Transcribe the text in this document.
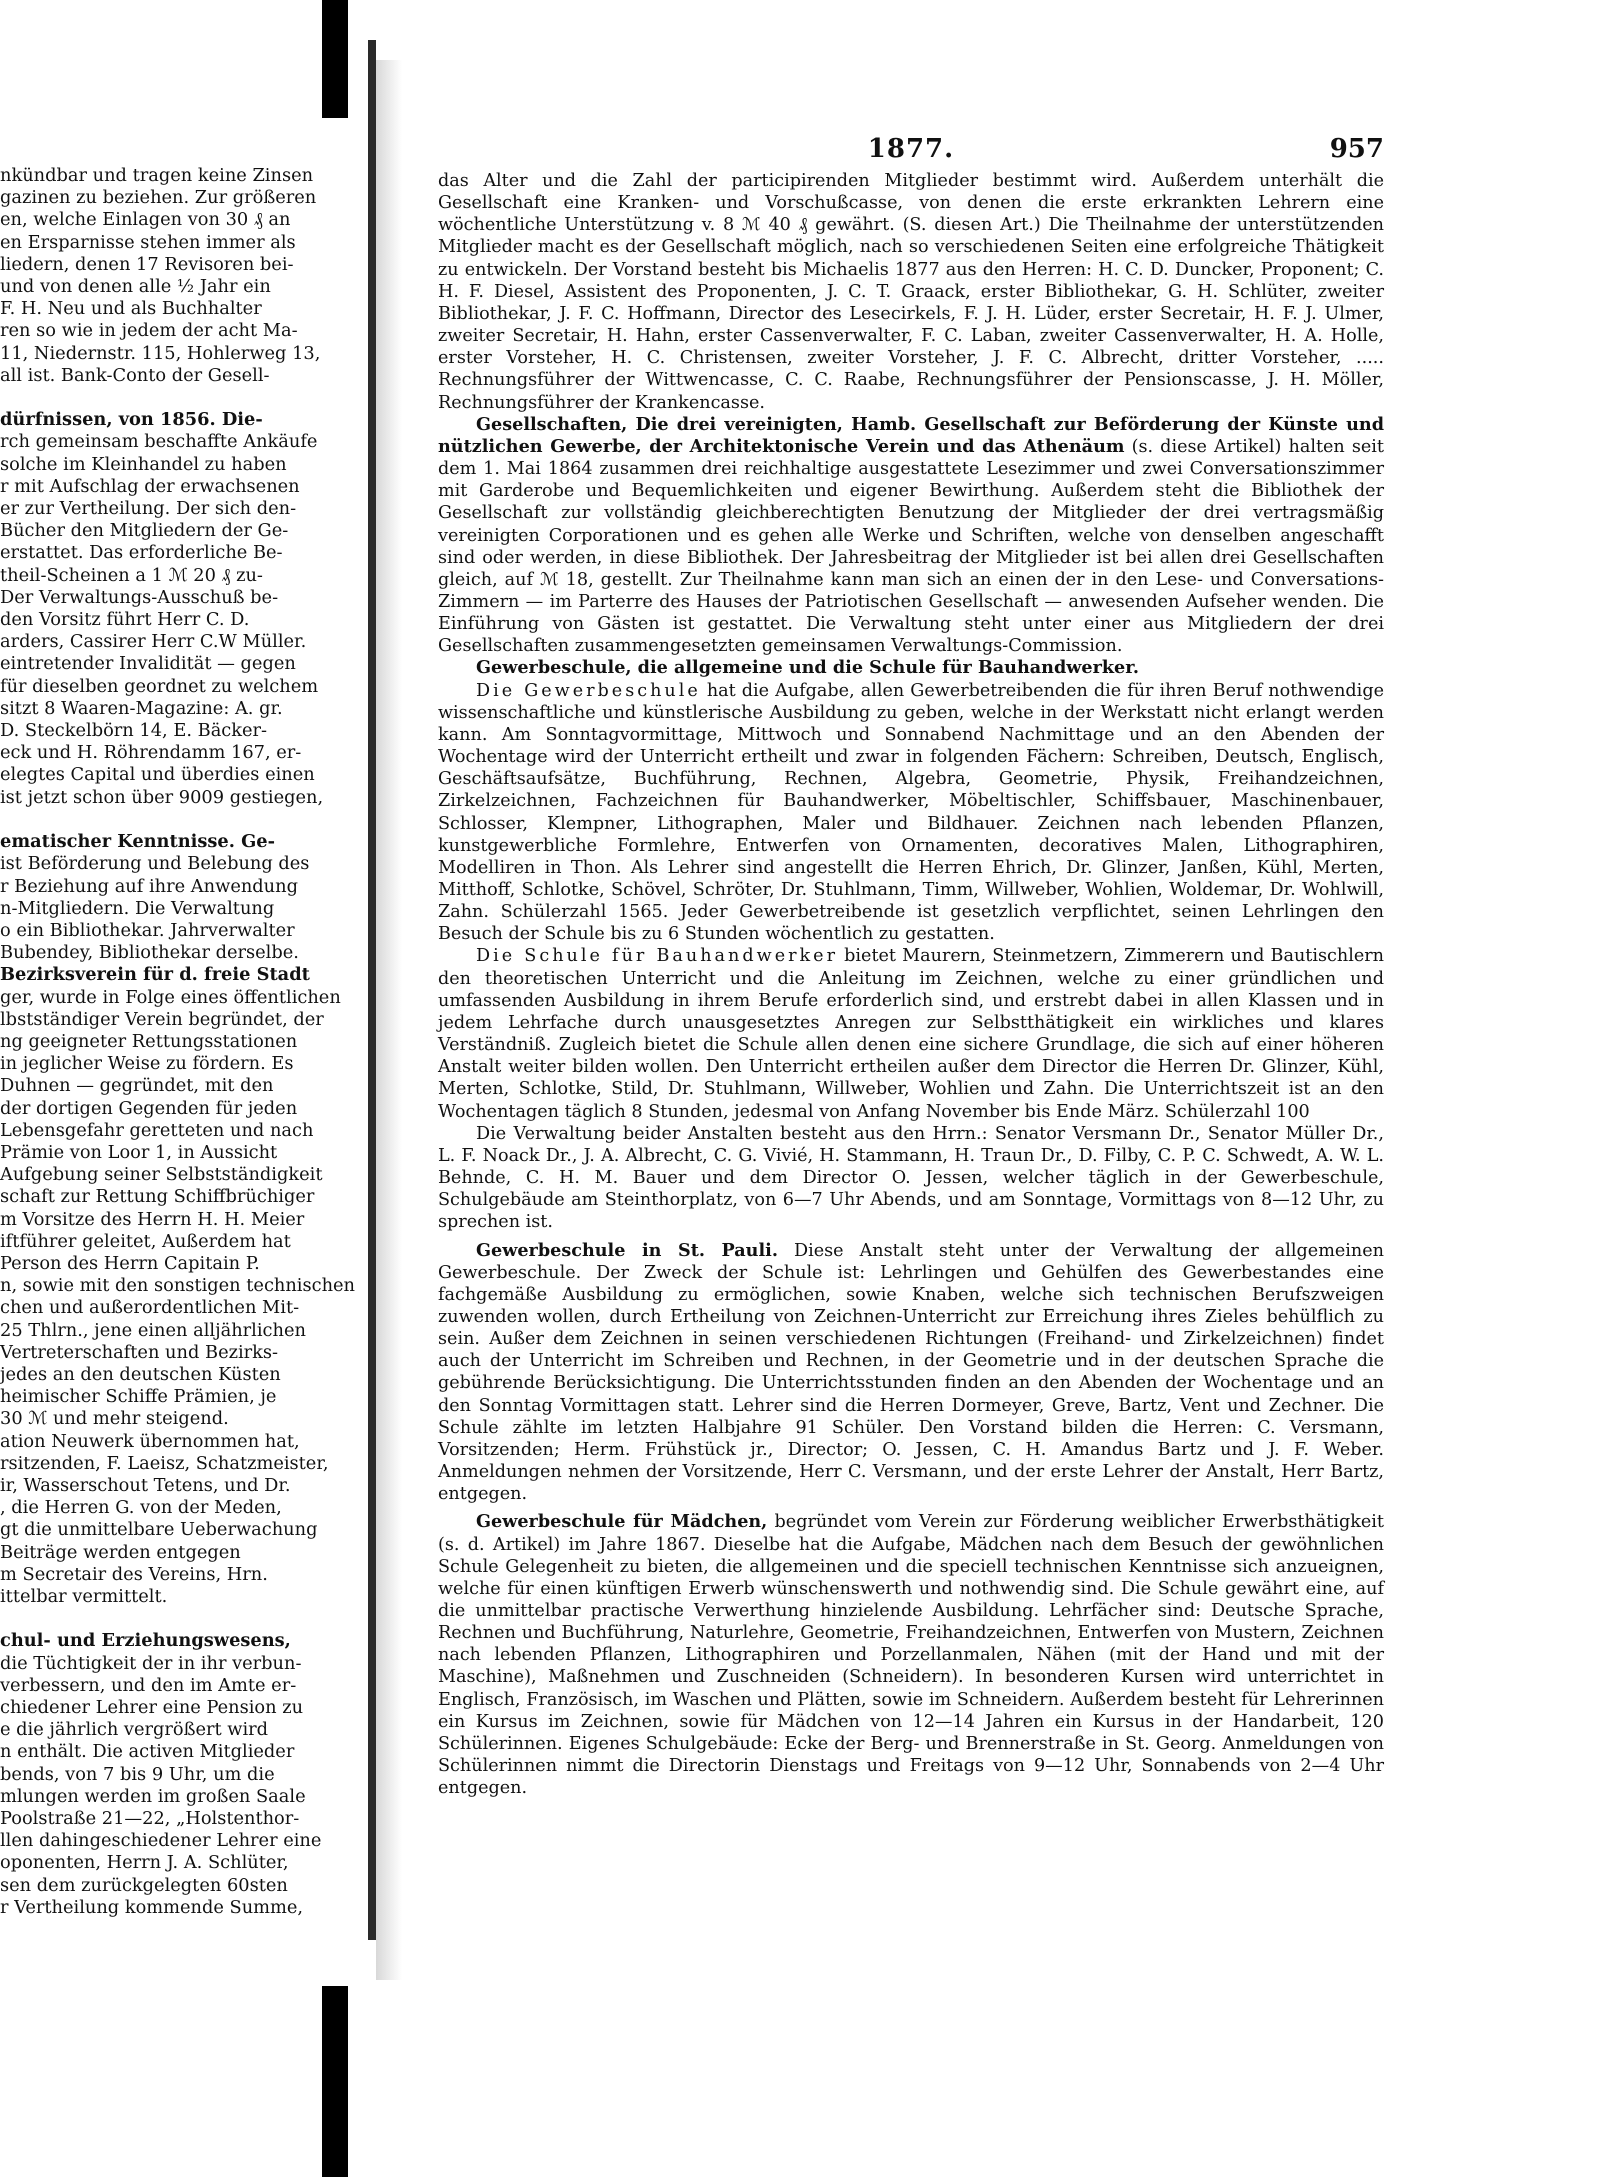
nkündbar und tragen keine Zinsen
gazinen zu beziehen. Zur größeren
en, welche Einlagen von 30 ₰ an
en Ersparnisse stehen immer als
liedern, denen 17 Revisoren bei-
und von denen alle ½ Jahr ein
F. H. Neu und als Buchhalter
ren so wie in jedem der acht Ma-
11, Niedernstr. 115, Hohlerweg 13,
all ist. Bank-Conto der Gesell-

dürfnissen, von 1856. Die-
rch gemeinsam beschaffte Ankäufe
solche im Kleinhandel zu haben
r mit Aufschlag der erwachsenen
er zur Vertheilung. Der sich den-
Bücher den Mitgliedern der Ge-
erstattet. Das erforderliche Be-
theil-Scheinen a 1 ℳ 20 ₰ zu-
Der Verwaltungs-Ausschuß be-
den Vorsitz führt Herr C. D.
arders, Cassirer Herr C.W Müller.
eintretender Invalidität — gegen
für dieselben geordnet zu welchem
sitzt 8 Waaren-Magazine: A. gr.
D. Steckelbörn 14, E. Bäcker-
eck und H. Röhrendamm 167, er-
elegtes Capital und überdies einen
ist jetzt schon über 9009 gestiegen,

ematischer Kenntnisse. Ge-
ist Beförderung und Belebung des
r Beziehung auf ihre Anwendung
n-Mitgliedern. Die Verwaltung
o ein Bibliothekar. Jahrverwalter
Bubendey, Bibliothekar derselbe.
Bezirksverein für d. freie Stadt
ger, wurde in Folge eines öffentlichen
lbstständiger Verein begründet, der
ng geeigneter Rettungsstationen
in jeglicher Weise zu fördern. Es
Duhnen — gegründet, mit den
der dortigen Gegenden für jeden
Lebensgefahr geretteten und nach
Prämie von Loor 1, in Aussicht
Aufgebung seiner Selbstständigkeit
schaft zur Rettung Schiffbrüchiger
m Vorsitze des Herrn H. H. Meier
iftführer geleitet, Außerdem hat
Person des Herrn Capitain P.
n, sowie mit den sonstigen technischen
chen und außerordentlichen Mit-
25 Thlrn., jene einen alljährlichen
Vertreterschaften und Bezirks-
jedes an den deutschen Küsten
heimischer Schiffe Prämien, je
30 ℳ und mehr steigend.
ation Neuwerk übernommen hat,
rsitzenden, F. Laeisz, Schatzmeister,
ir, Wasserschout Tetens, und Dr.
, die Herren G. von der Meden,
gt die unmittelbare Ueberwachung
Beiträge werden entgegen
m Secretair des Vereins, Hrn.
ittelbar vermittelt.

chul- und Erziehungswesens,
die Tüchtigkeit der in ihr verbun-
verbessern, und den im Amte er-
chiedener Lehrer eine Pension zu
e die jährlich vergrößert wird
n enthält. Die activen Mitglieder
bends, von 7 bis 9 Uhr, um die
mlungen werden im großen Saale
Poolstraße 21—22, „Holstenthor-
llen dahingeschiedener Lehrer eine
oponenten, Herrn J. A. Schlüter,
sen dem zurückgelegten 60sten
r Vertheilung kommende Summe,
1877.	957

das Alter und die Zahl der participirenden Mitglieder bestimmt wird. Außerdem unterhält die Gesellschaft eine Kranken- und Vorschußcasse, von denen die erste erkrankten Lehrern eine wöchentliche Unterstützung v. 8 ℳ 40 ₰ gewährt. (S. diesen Art.) Die Theilnahme der unterstützenden Mitglieder macht es der Gesellschaft möglich, nach so verschiedenen Seiten eine erfolgreiche Thätigkeit zu entwickeln. Der Vorstand besteht bis Michaelis 1877 aus den Herren: H. C. D. Duncker, Proponent; C. H. F. Diesel, Assistent des Proponenten, J. C. T. Graack, erster Bibliothekar, G. H. Schlüter, zweiter Bibliothekar, J. F. C. Hoffmann, Director des Lesecirkels, F. J. H. Lüder, erster Secretair, H. F. J. Ulmer, zweiter Secretair, H. Hahn, erster Cassenverwalter, F. C. Laban, zweiter Cassenverwalter, H. A. Holle, erster Vorsteher, H. C. Christensen, zweiter Vorsteher, J. F. C. Albrecht, dritter Vorsteher, ..... Rechnungsführer der Wittwencasse, C. C. Raabe, Rechnungsführer der Pensionscasse, J. H. Möller, Rechnungsführer der Krankencasse.

Gesellschaften, Die drei vereinigten, Hamb. Gesellschaft zur Beförderung der Künste und nützlichen Gewerbe, der Architektonische Verein und das Athenäum (s. diese Artikel) halten seit dem 1. Mai 1864 zusammen drei reichhaltige ausgestattete Lesezimmer und zwei Conversationszimmer mit Garderobe und Bequemlichkeiten und eigener Bewirthung. Außerdem steht die Bibliothek der Gesellschaft zur vollständig gleichberechtigten Benutzung der Mitglieder der drei vertragsmäßig vereinigten Corporationen und es gehen alle Werke und Schriften, welche von denselben angeschafft sind oder werden, in diese Bibliothek. Der Jahresbeitrag der Mitglieder ist bei allen drei Gesellschaften gleich, auf ℳ 18, gestellt. Zur Theilnahme kann man sich an einen der in den Lese- und Conversations-Zimmern — im Parterre des Hauses der Patriotischen Gesellschaft — anwesenden Aufseher wenden. Die Einführung von Gästen ist gestattet. Die Verwaltung steht unter einer aus Mitgliedern der drei Gesellschaften zusammengesetzten gemeinsamen Verwaltungs-Commission.

Gewerbeschule, die allgemeine und die Schule für Bauhandwerker.

Die Gewerbeschule hat die Aufgabe, allen Gewerbetreibenden die für ihren Beruf nothwendige wissenschaftliche und künstlerische Ausbildung zu geben, welche in der Werkstatt nicht erlangt werden kann. Am Sonntagvormittage, Mittwoch und Sonnabend Nachmittage und an den Abenden der Wochentage wird der Unterricht ertheilt und zwar in folgenden Fächern: Schreiben, Deutsch, Englisch, Geschäftsaufsätze, Buchführung, Rechnen, Algebra, Geometrie, Physik, Freihandzeichnen, Zirkelzeichnen, Fachzeichnen für Bauhandwerker, Möbeltischler, Schiffsbauer, Maschinenbauer, Schlosser, Klempner, Lithographen, Maler und Bildhauer. Zeichnen nach lebenden Pflanzen, kunstgewerbliche Formlehre, Entwerfen von Ornamenten, decoratives Malen, Lithographiren, Modelliren in Thon. Als Lehrer sind angestellt die Herren Ehrich, Dr. Glinzer, Janßen, Kühl, Merten, Mitthoff, Schlotke, Schövel, Schröter, Dr. Stuhlmann, Timm, Willweber, Wohlien, Woldemar, Dr. Wohlwill, Zahn. Schülerzahl 1565. Jeder Gewerbetreibende ist gesetzlich verpflichtet, seinen Lehrlingen den Besuch der Schule bis zu 6 Stunden wöchentlich zu gestatten.

Die Schule für Bauhandwerker bietet Maurern, Steinmetzern, Zimmerern und Bautischlern den theoretischen Unterricht und die Anleitung im Zeichnen, welche zu einer gründlichen und umfassenden Ausbildung in ihrem Berufe erforderlich sind, und erstrebt dabei in allen Klassen und in jedem Lehrfache durch unausgesetztes Anregen zur Selbstthätigkeit ein wirkliches und klares Verständniß. Zugleich bietet die Schule allen denen eine sichere Grundlage, die sich auf einer höheren Anstalt weiter bilden wollen. Den Unterricht ertheilen außer dem Director die Herren Dr. Glinzer, Kühl, Merten, Schlotke, Stild, Dr. Stuhlmann, Willweber, Wohlien und Zahn. Die Unterrichtszeit ist an den Wochentagen täglich 8 Stunden, jedesmal von Anfang November bis Ende März. Schülerzahl 100

Die Verwaltung beider Anstalten besteht aus den Hrrn.: Senator Versmann Dr., Senator Müller Dr., L. F. Noack Dr., J. A. Albrecht, C. G. Vivié, H. Stammann, H. Traun Dr., D. Filby, C. P. C. Schwedt, A. W. L. Behnde, C. H. M. Bauer und dem Director O. Jessen, welcher täglich in der Gewerbeschule, Schulgebäude am Steinthorplatz, von 6—7 Uhr Abends, und am Sonntage, Vormittags von 8—12 Uhr, zu sprechen ist.

Gewerbeschule in St. Pauli. Diese Anstalt steht unter der Verwaltung der allgemeinen Gewerbeschule. Der Zweck der Schule ist: Lehrlingen und Gehülfen des Gewerbestandes eine fachgemäße Ausbildung zu ermöglichen, sowie Knaben, welche sich technischen Berufszweigen zuwenden wollen, durch Ertheilung von Zeichnen-Unterricht zur Erreichung ihres Zieles behülflich zu sein. Außer dem Zeichnen in seinen verschiedenen Richtungen (Freihand- und Zirkelzeichnen) findet auch der Unterricht im Schreiben und Rechnen, in der Geometrie und in der deutschen Sprache die gebührende Berücksichtigung. Die Unterrichtsstunden finden an den Abenden der Wochentage und an den Sonntag Vormittagen statt. Lehrer sind die Herren Dormeyer, Greve, Bartz, Vent und Zechner. Die Schule zählte im letzten Halbjahre 91 Schüler. Den Vorstand bilden die Herren: C. Versmann, Vorsitzenden; Herm. Frühstück jr., Director; O. Jessen, C. H. Amandus Bartz und J. F. Weber. Anmeldungen nehmen der Vorsitzende, Herr C. Versmann, und der erste Lehrer der Anstalt, Herr Bartz, entgegen.

Gewerbeschule für Mädchen, begründet vom Verein zur Förderung weiblicher Erwerbsthätigkeit (s. d. Artikel) im Jahre 1867. Dieselbe hat die Aufgabe, Mädchen nach dem Besuch der gewöhnlichen Schule Gelegenheit zu bieten, die allgemeinen und die speciell technischen Kenntnisse sich anzueignen, welche für einen künftigen Erwerb wünschenswerth und nothwendig sind. Die Schule gewährt eine, auf die unmittelbar practische Verwerthung hinzielende Ausbildung. Lehrfächer sind: Deutsche Sprache, Rechnen und Buchführung, Naturlehre, Geometrie, Freihandzeichnen, Entwerfen von Mustern, Zeichnen nach lebenden Pflanzen, Lithographiren und Porzellanmalen, Nähen (mit der Hand und mit der Maschine), Maßnehmen und Zuschneiden (Schneidern). In besonderen Kursen wird unterrichtet in Englisch, Französisch, im Waschen und Plätten, sowie im Schneidern. Außerdem besteht für Lehrerinnen ein Kursus im Zeichnen, sowie für Mädchen von 12—14 Jahren ein Kursus in der Handarbeit, 120 Schülerinnen. Eigenes Schulgebäude: Ecke der Berg- und Brennerstraße in St. Georg. Anmeldungen von Schülerinnen nimmt die Directorin Dienstags und Freitags von 9—12 Uhr, Sonnabends von 2—4 Uhr entgegen.
